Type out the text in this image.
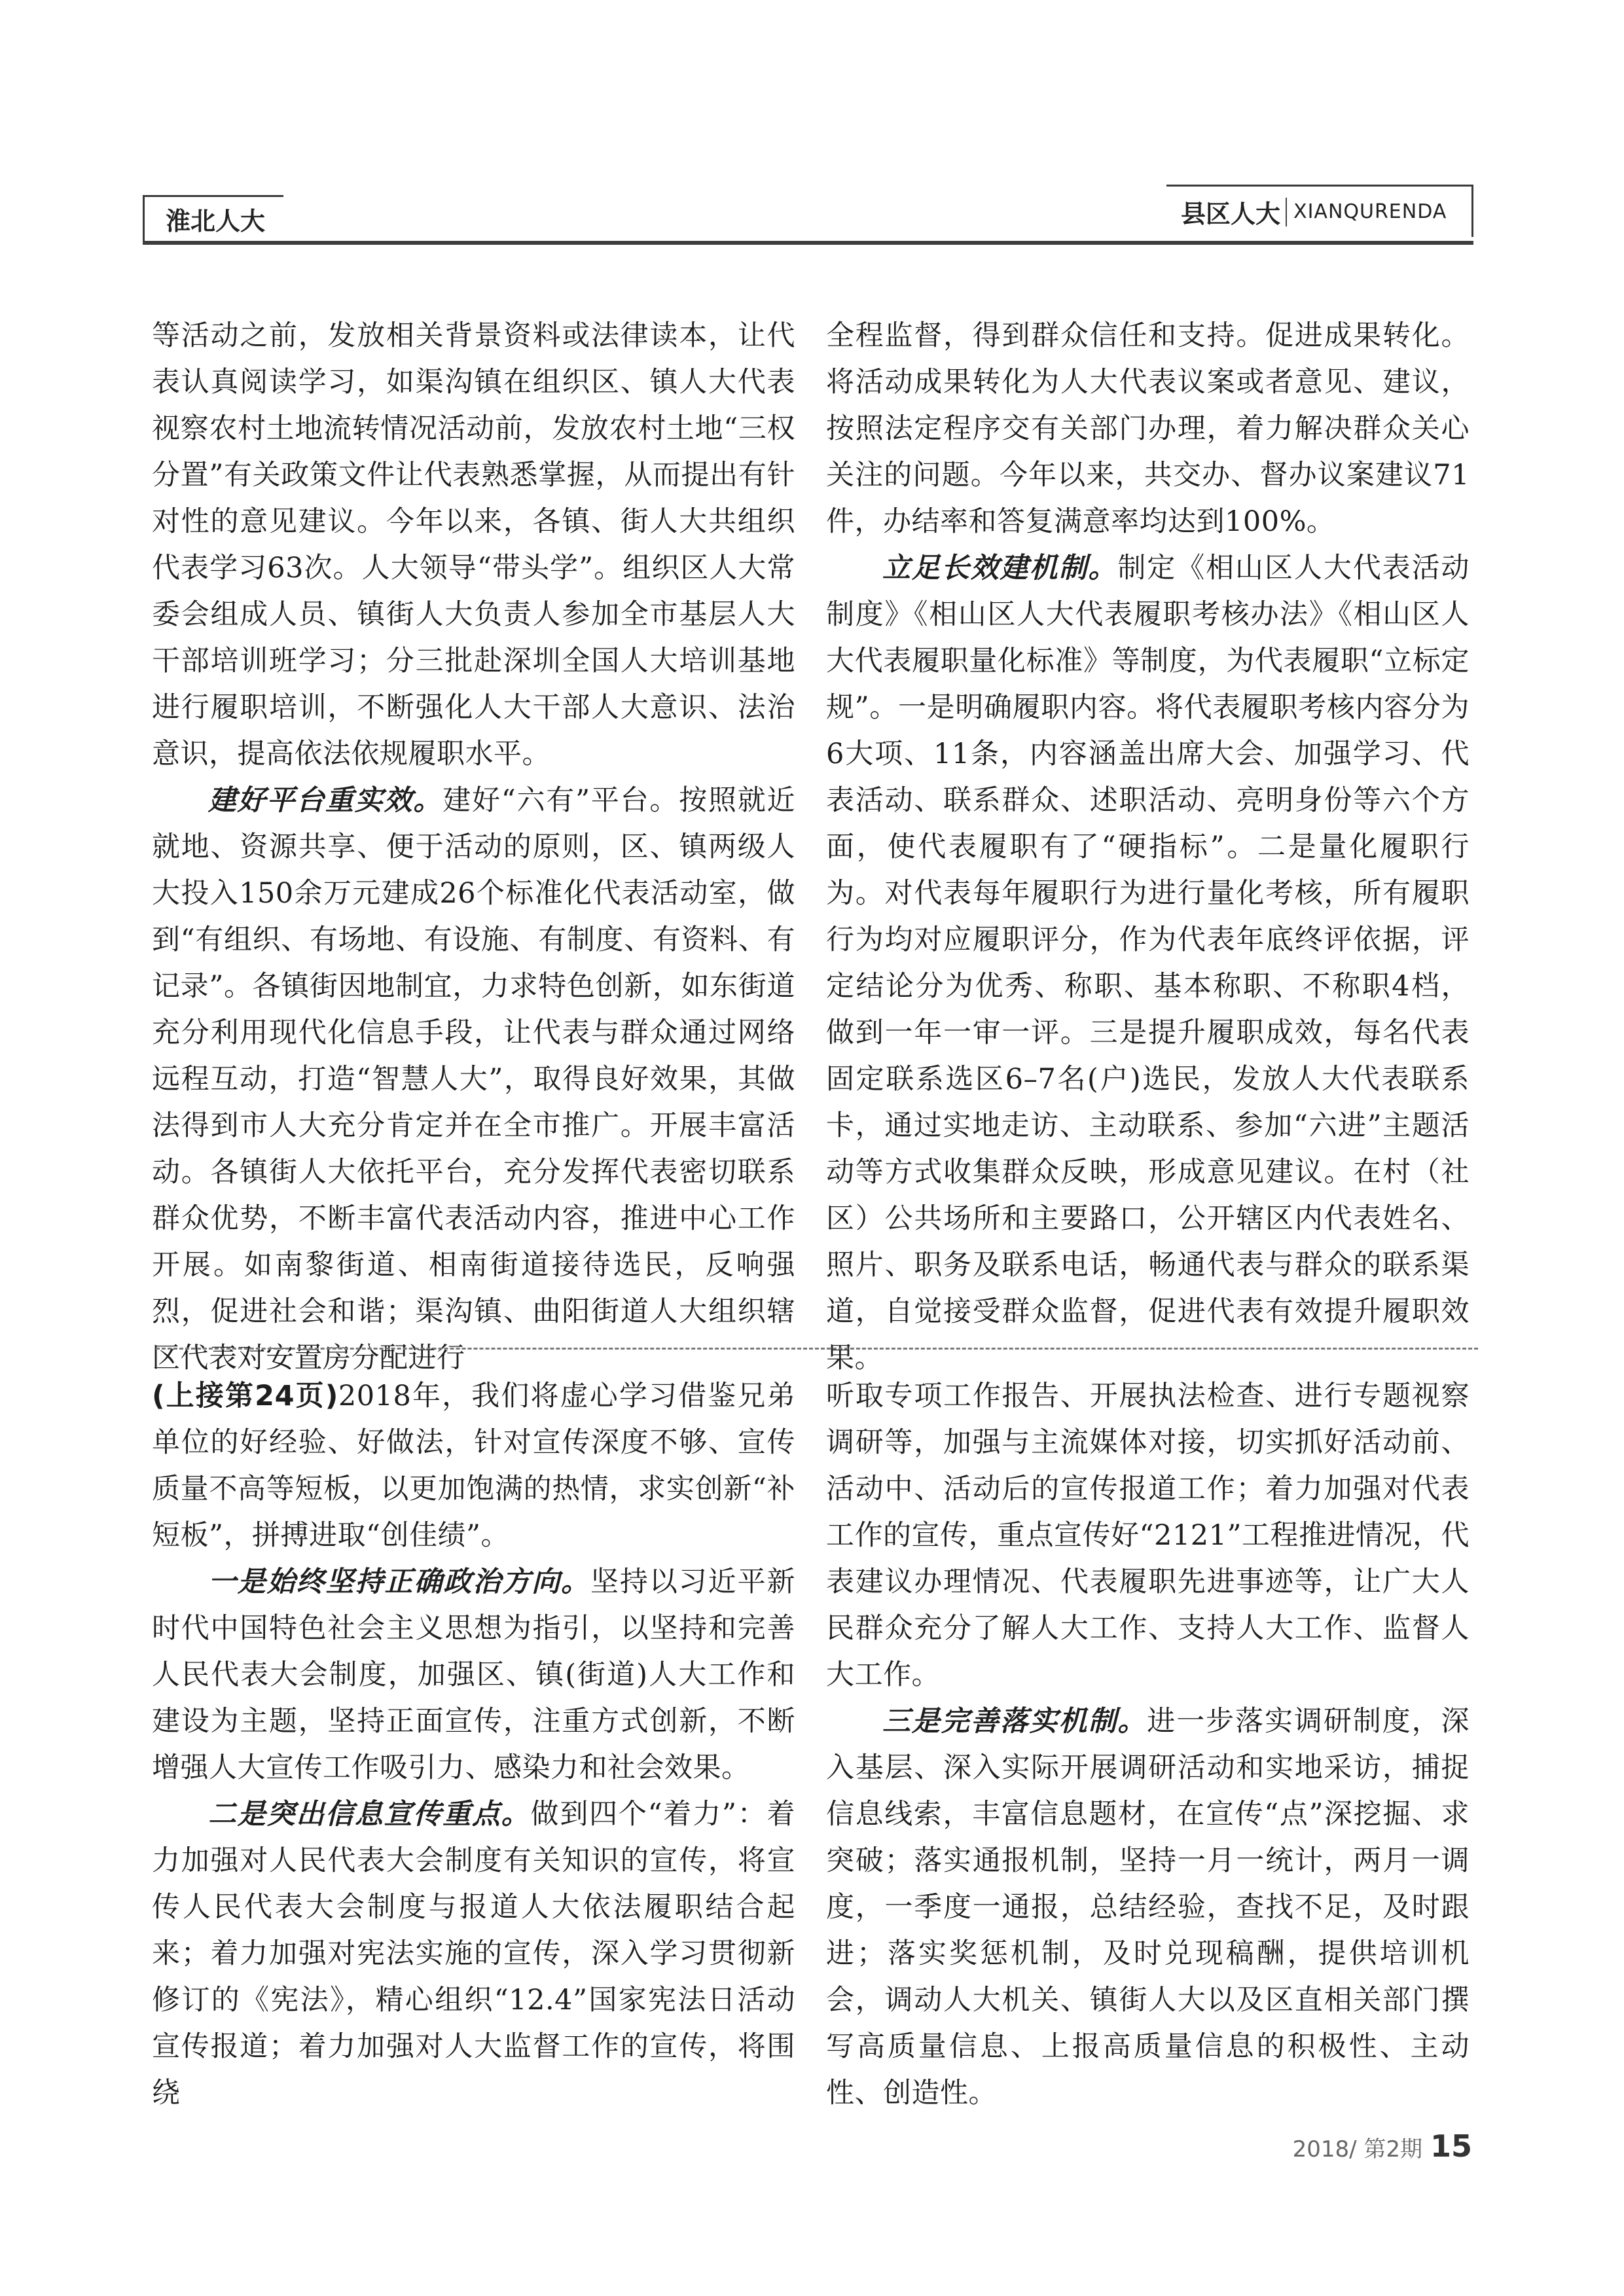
淮北人大	县区人大 XIANQURENDA

等活动之前，发放相关背景资料或法律读本，让代表认真阅读学习，如渠沟镇在组织区、镇人大代表视察农村土地流转情况活动前，发放农村土地“三权分置”有关政策文件让代表熟悉掌握，从而提出有针对性的意见建议。今年以来，各镇、街人大共组织代表学习63次。人大领导“带头学”。组织区人大常委会组成人员、镇街人大负责人参加全市基层人大干部培训班学习；分三批赴深圳全国人大培训基地进行履职培训，不断强化人大干部人大意识、法治意识，提高依法依规履职水平。

建好平台重实效。建好“六有”平台。按照就近就地、资源共享、便于活动的原则，区、镇两级人大投入150余万元建成26个标准化代表活动室，做到“有组织、有场地、有设施、有制度、有资料、有记录”。各镇街因地制宜，力求特色创新，如东街道充分利用现代化信息手段，让代表与群众通过网络远程互动，打造“智慧人大”，取得良好效果，其做法得到市人大充分肯定并在全市推广。开展丰富活动。各镇街人大依托平台，充分发挥代表密切联系群众优势，不断丰富代表活动内容，推进中心工作开展。如南黎街道、相南街道接待选民，反响强烈，促进社会和谐；渠沟镇、曲阳街道人大组织辖区代表对安置房分配进行

全程监督，得到群众信任和支持。促进成果转化。将活动成果转化为人大代表议案或者意见、建议，按照法定程序交有关部门办理，着力解决群众关心关注的问题。今年以来，共交办、督办议案建议71件，办结率和答复满意率均达到100%。

立足长效建机制。制定《相山区人大代表活动制度》《相山区人大代表履职考核办法》《相山区人大代表履职量化标准》等制度，为代表履职“立标定规”。一是明确履职内容。将代表履职考核内容分为6大项、11条，内容涵盖出席大会、加强学习、代表活动、联系群众、述职活动、亮明身份等六个方面，使代表履职有了“硬指标”。二是量化履职行为。对代表每年履职行为进行量化考核，所有履职行为均对应履职评分，作为代表年底终评依据，评定结论分为优秀、称职、基本称职、不称职4档，做到一年一审一评。三是提升履职成效，每名代表固定联系选区6–7名(户)选民，发放人大代表联系卡，通过实地走访、主动联系、参加“六进”主题活动等方式收集群众反映，形成意见建议。在村（社区）公共场所和主要路口，公开辖区内代表姓名、照片、职务及联系电话，畅通代表与群众的联系渠道，自觉接受群众监督，促进代表有效提升履职效果。

(上接第24页)2018年，我们将虚心学习借鉴兄弟单位的好经验、好做法，针对宣传深度不够、宣传质量不高等短板，以更加饱满的热情，求实创新“补短板”，拼搏进取“创佳绩”。

一是始终坚持正确政治方向。坚持以习近平新时代中国特色社会主义思想为指引，以坚持和完善人民代表大会制度，加强区、镇(街道)人大工作和建设为主题，坚持正面宣传，注重方式创新，不断增强人大宣传工作吸引力、感染力和社会效果。

二是突出信息宣传重点。做到四个“着力”：着力加强对人民代表大会制度有关知识的宣传，将宣传人民代表大会制度与报道人大依法履职结合起来；着力加强对宪法实施的宣传，深入学习贯彻新修订的《宪法》，精心组织“12.4”国家宪法日活动宣传报道；着力加强对人大监督工作的宣传，将围绕

听取专项工作报告、开展执法检查、进行专题视察调研等，加强与主流媒体对接，切实抓好活动前、活动中、活动后的宣传报道工作；着力加强对代表工作的宣传，重点宣传好“2121”工程推进情况，代表建议办理情况、代表履职先进事迹等，让广大人民群众充分了解人大工作、支持人大工作、监督人大工作。

三是完善落实机制。进一步落实调研制度，深入基层、深入实际开展调研活动和实地采访，捕捉信息线索，丰富信息题材，在宣传“点”深挖掘、求突破；落实通报机制，坚持一月一统计，两月一调度，一季度一通报，总结经验，查找不足，及时跟进；落实奖惩机制，及时兑现稿酬，提供培训机会，调动人大机关、镇街人大以及区直相关部门撰写高质量信息、上报高质量信息的积极性、主动性、创造性。

2018/ 第2期 15
